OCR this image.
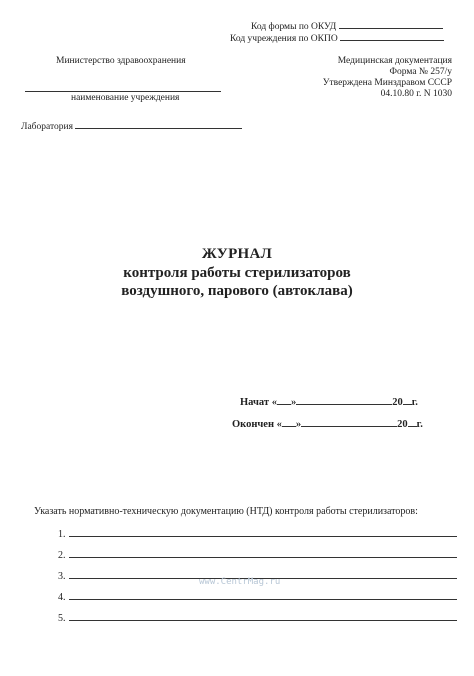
Код формы по ОКУД
Код учреждения по ОКПО
Министерство здравоохранения
наименование учреждения
Лаборатория
Медицинская документация
Форма № 257/у
Утверждена Минздравом СССР
04.10.80 г. N 1030
ЖУРНАЛ
контроля работы стерилизаторов
воздушного, парового (автоклава)
Начат « »	20 г.
Окончен « »	20 г.
Указать нормативно-техническую документацию (НТД) контроля работы стерилизаторов:
1.
2.
3.
4.
5.
www.CentrMag.ru
